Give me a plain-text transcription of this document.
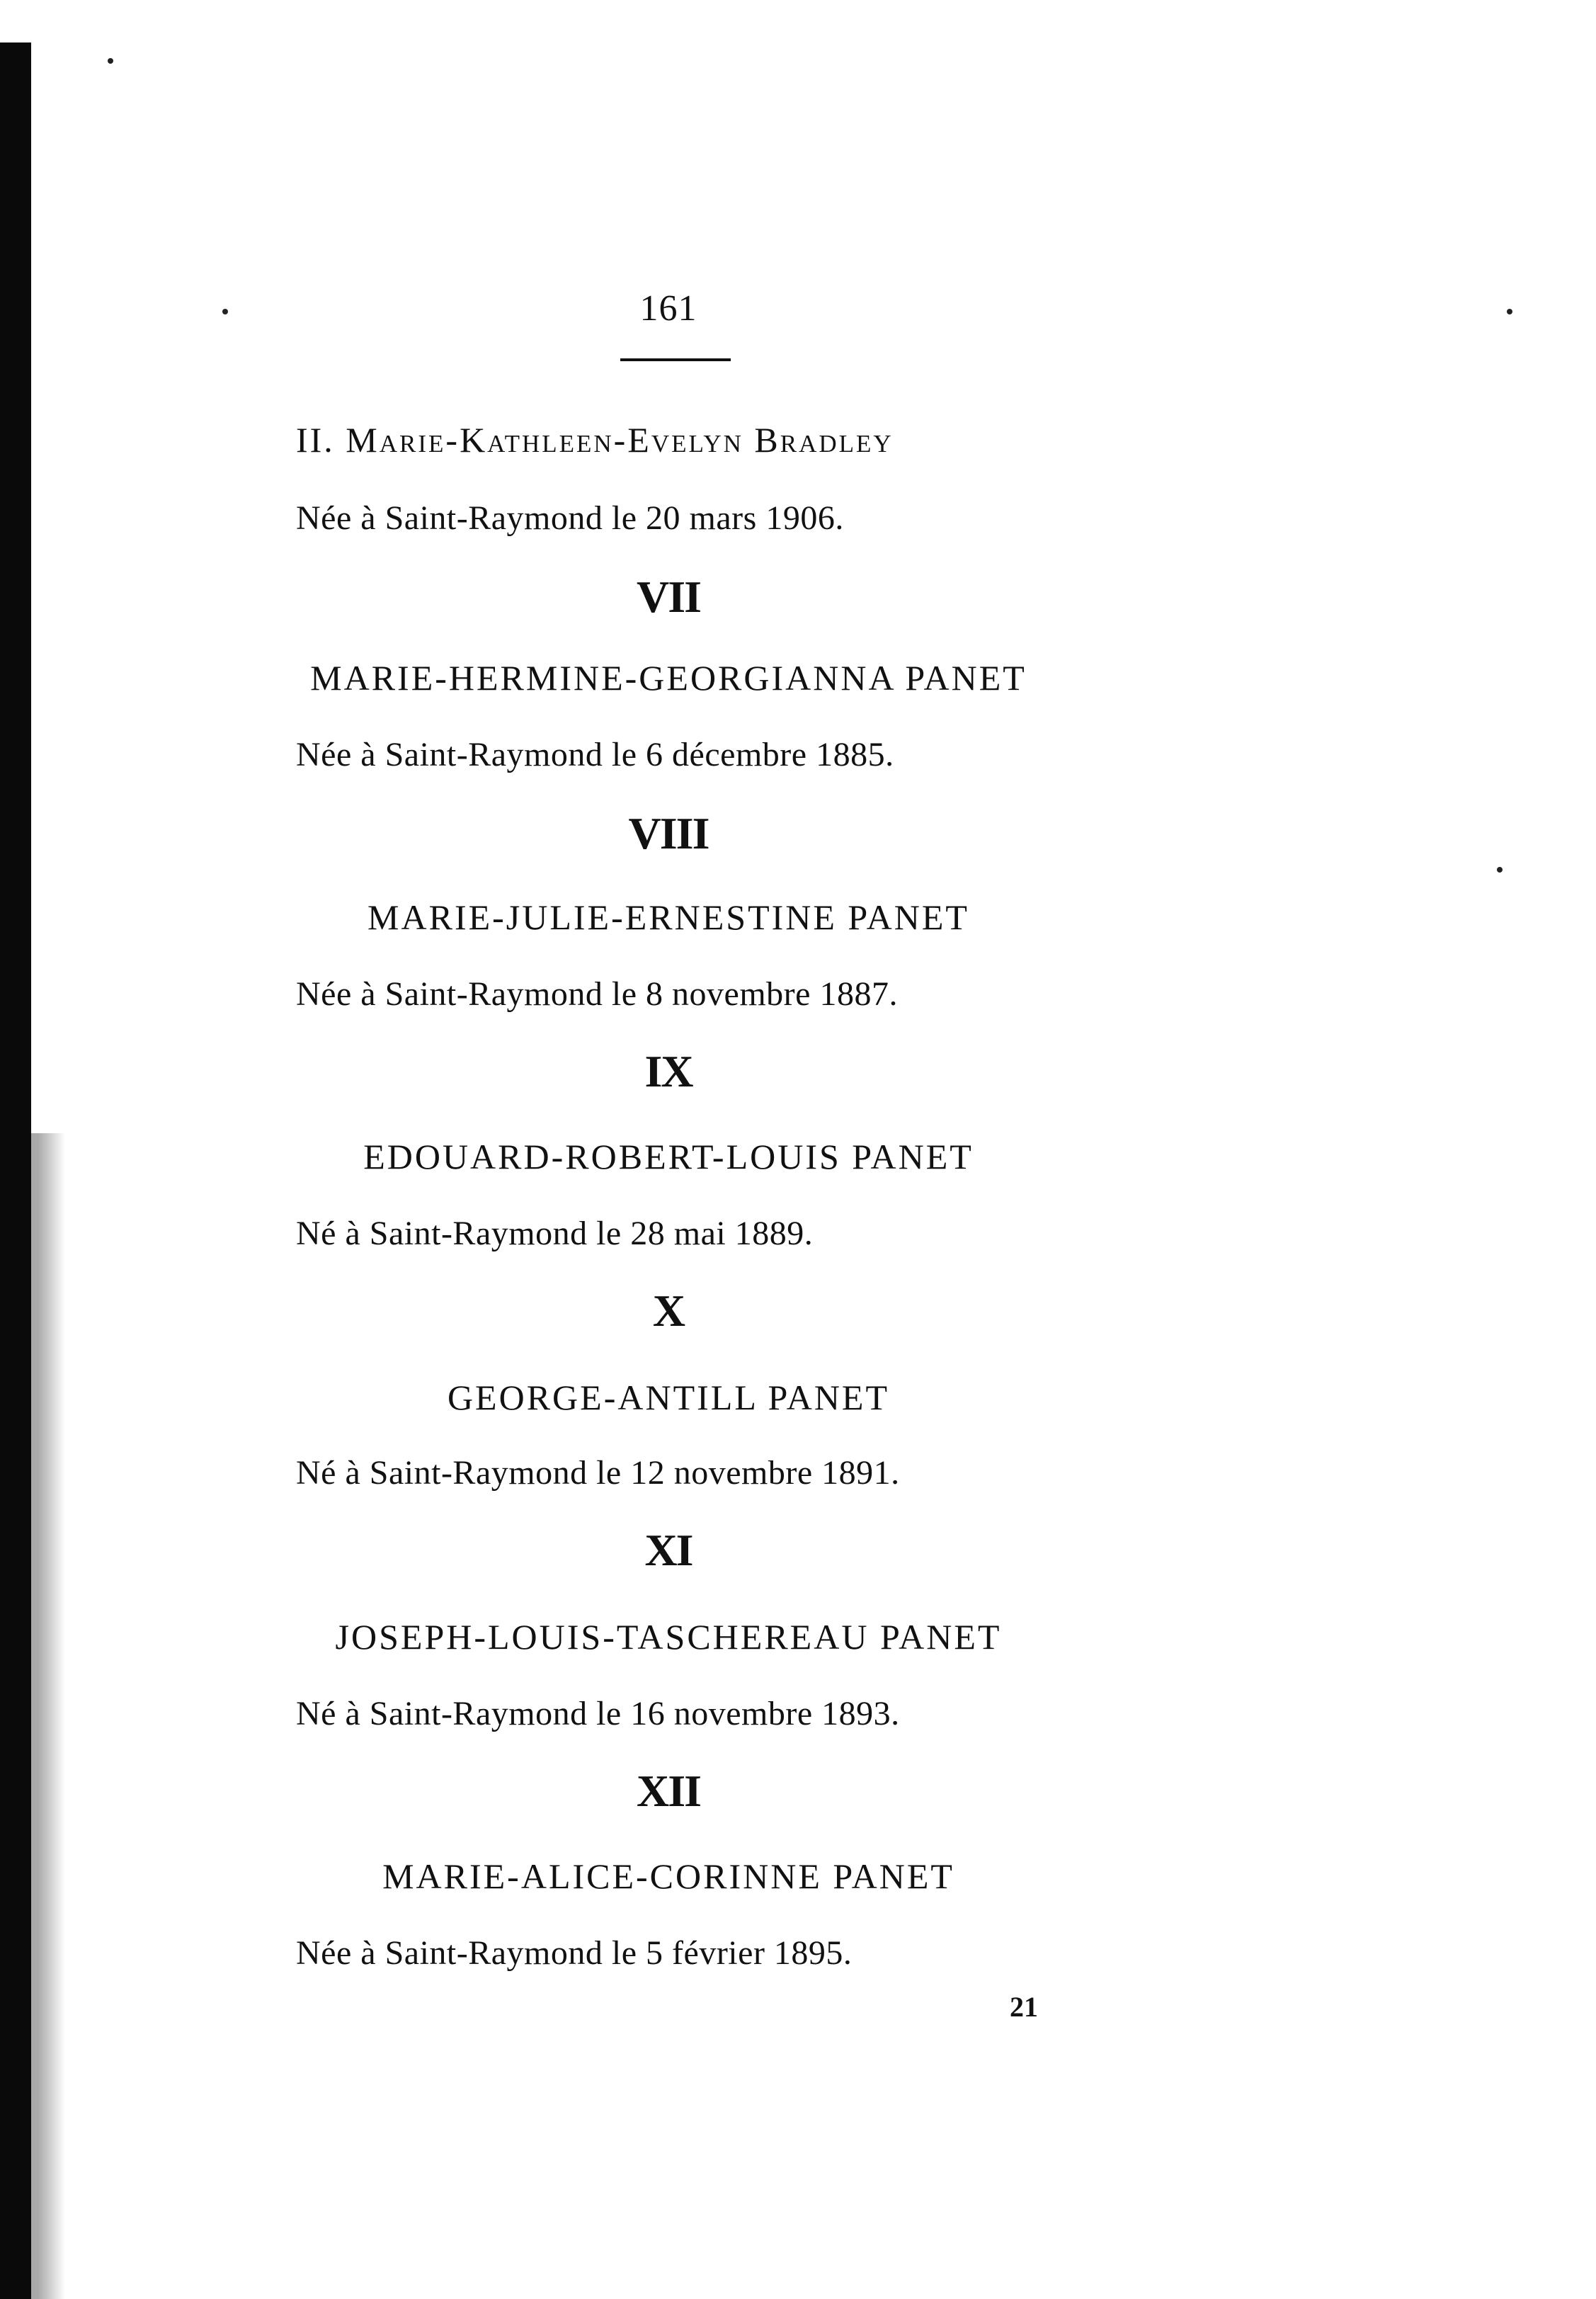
161
II. Marie-Kathleen-Evelyn Bradley
Née à Saint-Raymond le 20 mars 1906.
VII
MARIE-HERMINE-GEORGIANNA PANET
Née à Saint-Raymond le 6 décembre 1885.
VIII
MARIE-JULIE-ERNESTINE PANET
Née à Saint-Raymond le 8 novembre 1887.
IX
EDOUARD-ROBERT-LOUIS PANET
Né à Saint-Raymond le 28 mai 1889.
X
GEORGE-ANTILL PANET
Né à Saint-Raymond le 12 novembre 1891.
XI
JOSEPH-LOUIS-TASCHEREAU PANET
Né à Saint-Raymond le 16 novembre 1893.
XII
MARIE-ALICE-CORINNE PANET
Née à Saint-Raymond le 5 février 1895.
21
